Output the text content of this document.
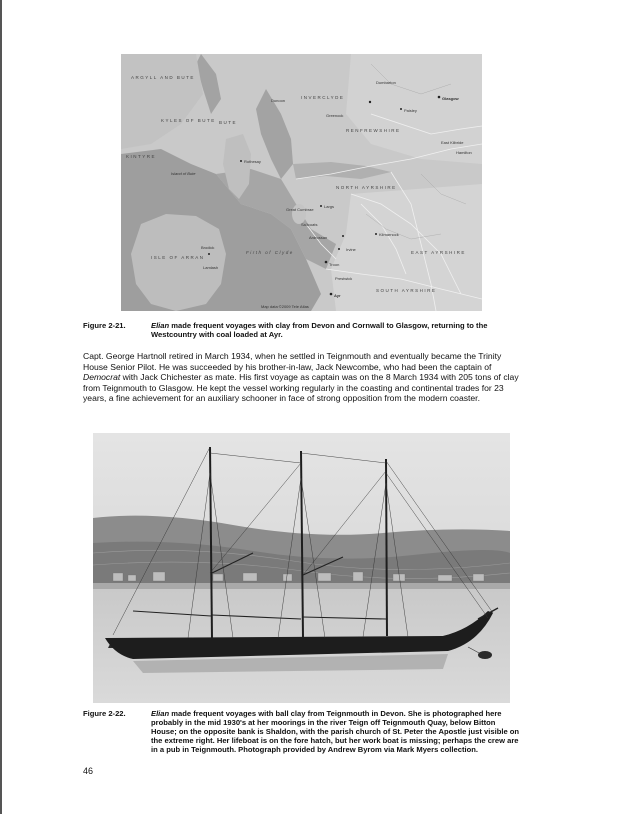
KINTYRE
Island of Bute
ISLE OF ARRAN
Firth of Clyde
KYLES OF BUTE BUTE
Great Cumbrae
Glasgow
Ayr
Greenock
Paisley
Rothesay
Largs
Troon
Irvine
Ardrossan
Kilmarnock
Dumbarton
Brodick
Lamlash
Prestwick
Saltcoats
Dunoon
East Kilbride
Hamilton
RENFREWSHIRE
SOUTH AYRSHIRE
EAST AYRSHIRE
NORTH AYRSHIRE
ARGYLL AND BUTE
INVERCLYDE
Map data ©2009 Tele Atlas
Figure 2-21.	Elian made frequent voyages with clay from Devon and Cornwall to Glasgow, returning to the Westcountry with coal loaded at Ayr.
Capt. George Hartnoll retired in March 1934, when he settled in Teignmouth and eventually became the Trinity House Senior Pilot. He was succeeded by his brother-in-law, Jack Newcombe, who had been the captain of Democrat with Jack Chichester as mate. His first voyage as captain was on the 8 March 1934 with 205 tons of clay from Teignmouth to Glasgow. He kept the vessel working regularly in the coasting and continental trades for 23 years, a fine achievement for an auxiliary schooner in face of strong opposition from the modern coaster.
Figure 2-22.	Elian made frequent voyages with ball clay from Teignmouth in Devon. She is photographed here probably in the mid 1930's at her moorings in the river Teign off Teignmouth Quay, below Bitton House; on the opposite bank is Shaldon, with the parish church of St. Peter the Apostle just visible on the extreme right. Her lifeboat is on the fore hatch, but her work boat is missing; perhaps the crew are in a pub in Teignmouth. Photograph provided by Andrew Byrom via Mark Myers collection.
46
